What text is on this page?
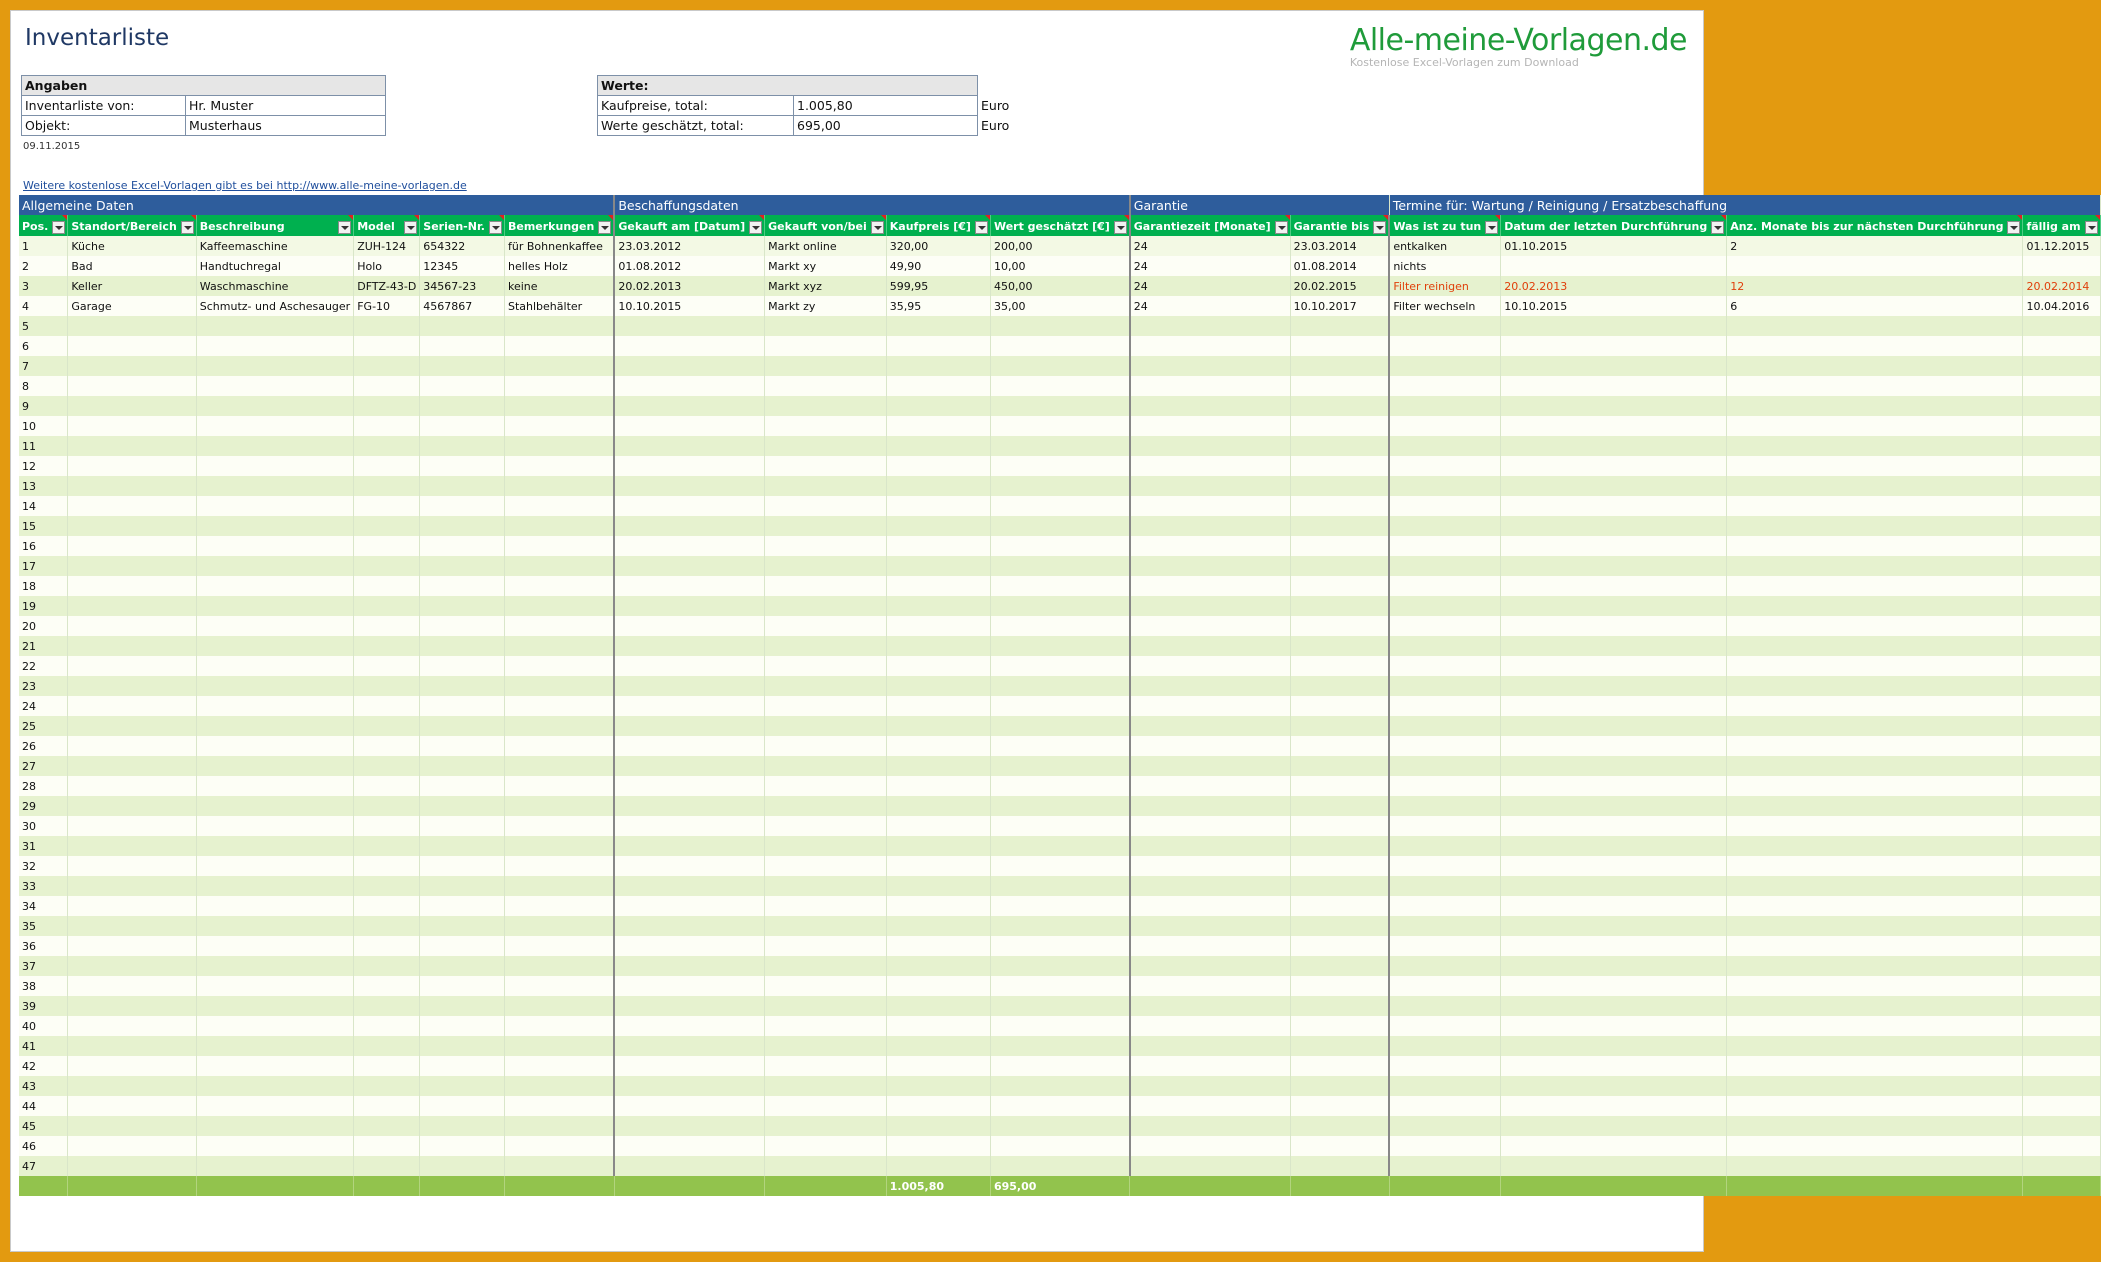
Inventarliste	Alle-meine-Vorlagen.de
Kostenlose Excel-Vorlagen zum Download
Angaben	
Inventarliste von:	Hr. Muster
Objekt:	Musterhaus
Werte:		
Kaufpreise, total:	1.005,80	Euro
Werte geschätzt, total:	695,00	Euro
09.11.2015
Weitere kostenlose Excel-Vorlagen gibt es bei http://www.alle-meine-vorlagen.de
Allgemeine Daten						Beschaffungsdaten				Garantie		Termine für: Wartung / Reinigung / Ersatzbeschaffung			

Pos.	Standort/Bereich	Beschreibung	Model	Serien-Nr.	Bemerkungen	Gekauft am [Datum]	Gekauft von/bei	Kaufpreis [€]	Wert geschätzt [€]	Garantiezeit [Monate]	Garantie bis	Was ist zu tun	Datum der letzten Durchführung	Anz. Monate bis zur nächsten Durchführung	fällig am

1	Küche	Kaffeemaschine	ZUH-124	654322	für Bohnenkaffee	23.03.2012	Markt online	320,00	200,00	24	23.03.2014	entkalken	01.10.2015	2	01.12.2015
2	Bad	Handtuchregal	Holo	12345	helles Holz	01.08.2012	Markt xy	49,90	10,00	24	01.08.2014	nichts			
3	Keller	Waschmaschine	DFTZ-43-D	34567-23	keine	20.02.2013	Markt xyz	599,95	450,00	24	20.02.2015	Filter reinigen	20.02.2013	12	20.02.2014
4	Garage	Schmutz- und Aschesauger	FG-10	4567867	Stahlbehälter	10.10.2015	Markt zy	35,95	35,00	24	10.10.2017	Filter wechseln	10.10.2015	6	10.04.2016
5															
6															
7															
8															
9															
10															
11															
12															
13															
14															
15															
16															
17															
18															
19															
20															
21															
22															
23															
24															
25															
26															
27															
28															
29															
30															
31															
32															
33															
34															
35															
36															
37															
38															
39															
40															
41															
42															
43															
44															
45															
46															
47															
								1.005,80	695,00						
